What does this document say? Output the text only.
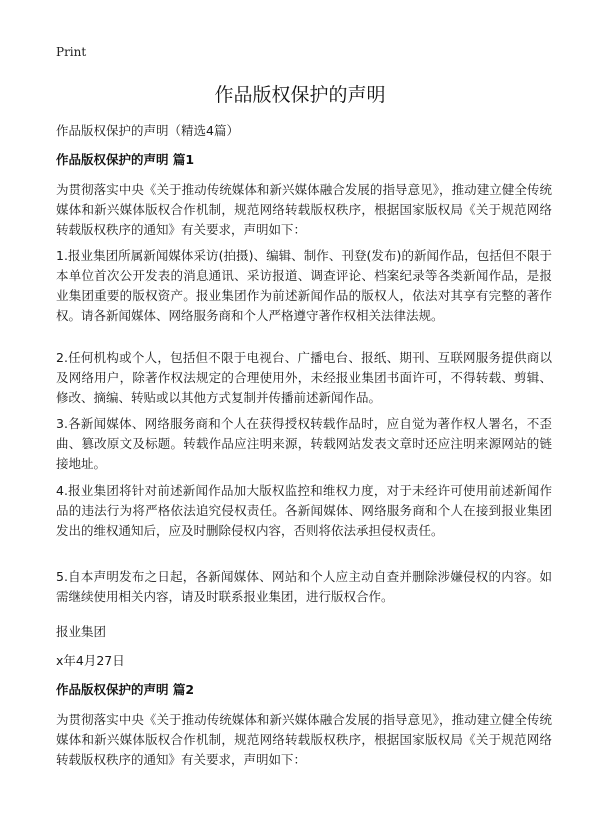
Print
作品版权保护的声明
作品版权保护的声明（精选4篇）
作品版权保护的声明 篇1

为贯彻落实中央《关于推动传统媒体和新兴媒体融合发展的指导意见》，推动建立健全传统媒体和新兴媒体版权合作机制，规范网络转载版权秩序，根据国家版权局《关于规范网络转载版权秩序的通知》有关要求，声明如下：

1.报业集团所属新闻媒体采访(拍摄)、编辑、制作、刊登(发布)的新闻作品，包括但不限于本单位首次公开发表的消息通讯、采访报道、调查评论、档案纪录等各类新闻作品，是报业集团重要的版权资产。报业集团作为前述新闻作品的版权人，依法对其享有完整的著作权。请各新闻媒体、网络服务商和个人严格遵守著作权相关法律法规。

2.任何机构或个人，包括但不限于电视台、广播电台、报纸、期刊、互联网服务提供商以及网络用户，除著作权法规定的合理使用外，未经报业集团书面许可，不得转载、剪辑、修改、摘编、转贴或以其他方式复制并传播前述新闻作品。

3.各新闻媒体、网络服务商和个人在获得授权转载作品时，应自觉为著作权人署名，不歪曲、篡改原文及标题。转载作品应注明来源，转载网站发表文章时还应注明来源网站的链接地址。

4.报业集团将针对前述新闻作品加大版权监控和维权力度，对于未经许可使用前述新闻作品的违法行为将严格依法追究侵权责任。各新闻媒体、网络服务商和个人在接到报业集团发出的维权通知后，应及时删除侵权内容，否则将依法承担侵权责任。

5.自本声明发布之日起，各新闻媒体、网站和个人应主动自查并删除涉嫌侵权的内容。如需继续使用相关内容，请及时联系报业集团，进行版权合作。

报业集团
x年4月27日
作品版权保护的声明 篇2

为贯彻落实中央《关于推动传统媒体和新兴媒体融合发展的指导意见》，推动建立健全传统媒体和新兴媒体版权合作机制，规范网络转载版权秩序，根据国家版权局《关于规范网络转载版权秩序的通知》有关要求，声明如下：
